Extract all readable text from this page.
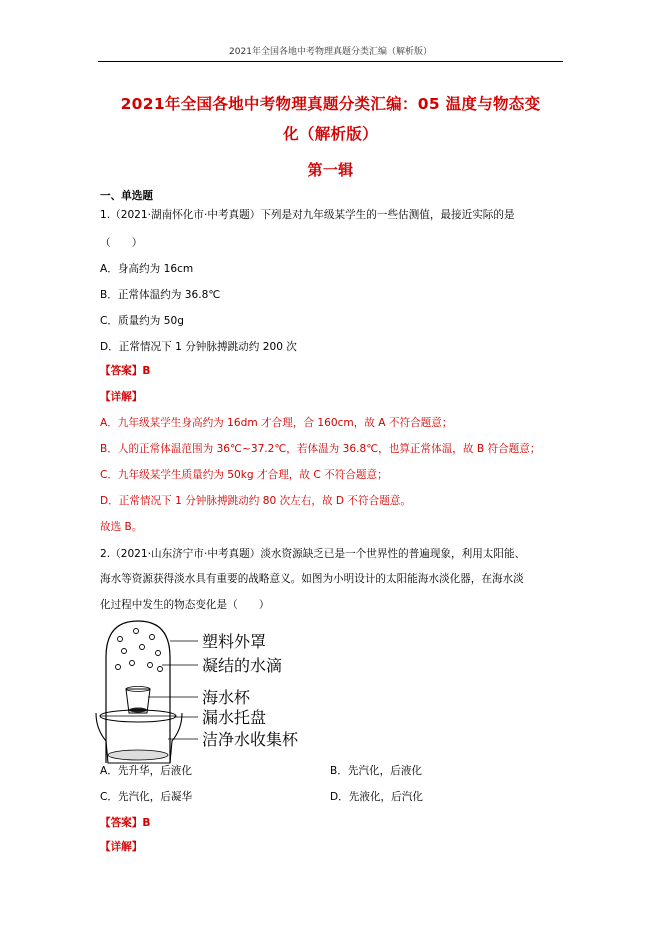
2021年全国各地中考物理真题分类汇编（解析版）
2021年全国各地中考物理真题分类汇编：05 温度与物态变
化（解析版）
第一辑
一、单选题
1.（2021·湖南怀化市·中考真题）下列是对九年级某学生的一些估测值，最接近实际的是
（　　）
A．身高约为 16cm
B．正常体温约为 36.8℃
C．质量约为 50g
D．正常情况下 1 分钟脉搏跳动约 200 次
【答案】B
【详解】
A．九年级某学生身高约为 16dm 才合理，合 160cm，故 A 不符合题意；
B．人的正常体温范围为 36℃~37.2℃，若体温为 36.8℃，也算正常体温，故 B 符合题意；
C．九年级某学生质量约为 50kg 才合理，故 C 不符合题意；
D．正常情况下 1 分钟脉搏跳动约 80 次左右，故 D 不符合题意。
故选 B。
2.（2021·山东济宁市·中考真题）淡水资源缺乏已是一个世界性的普遍现象，利用太阳能、
海水等资源获得淡水具有重要的战略意义。如图为小明设计的太阳能海水淡化器，在海水淡
化过程中发生的物态变化是（　　）
塑料外罩
凝结的水滴
海水杯
漏水托盘
洁净水收集杯
A．先升华，后液化	B．先汽化，后液化
C．先汽化，后凝华	D．先液化，后汽化
【答案】B
【详解】
